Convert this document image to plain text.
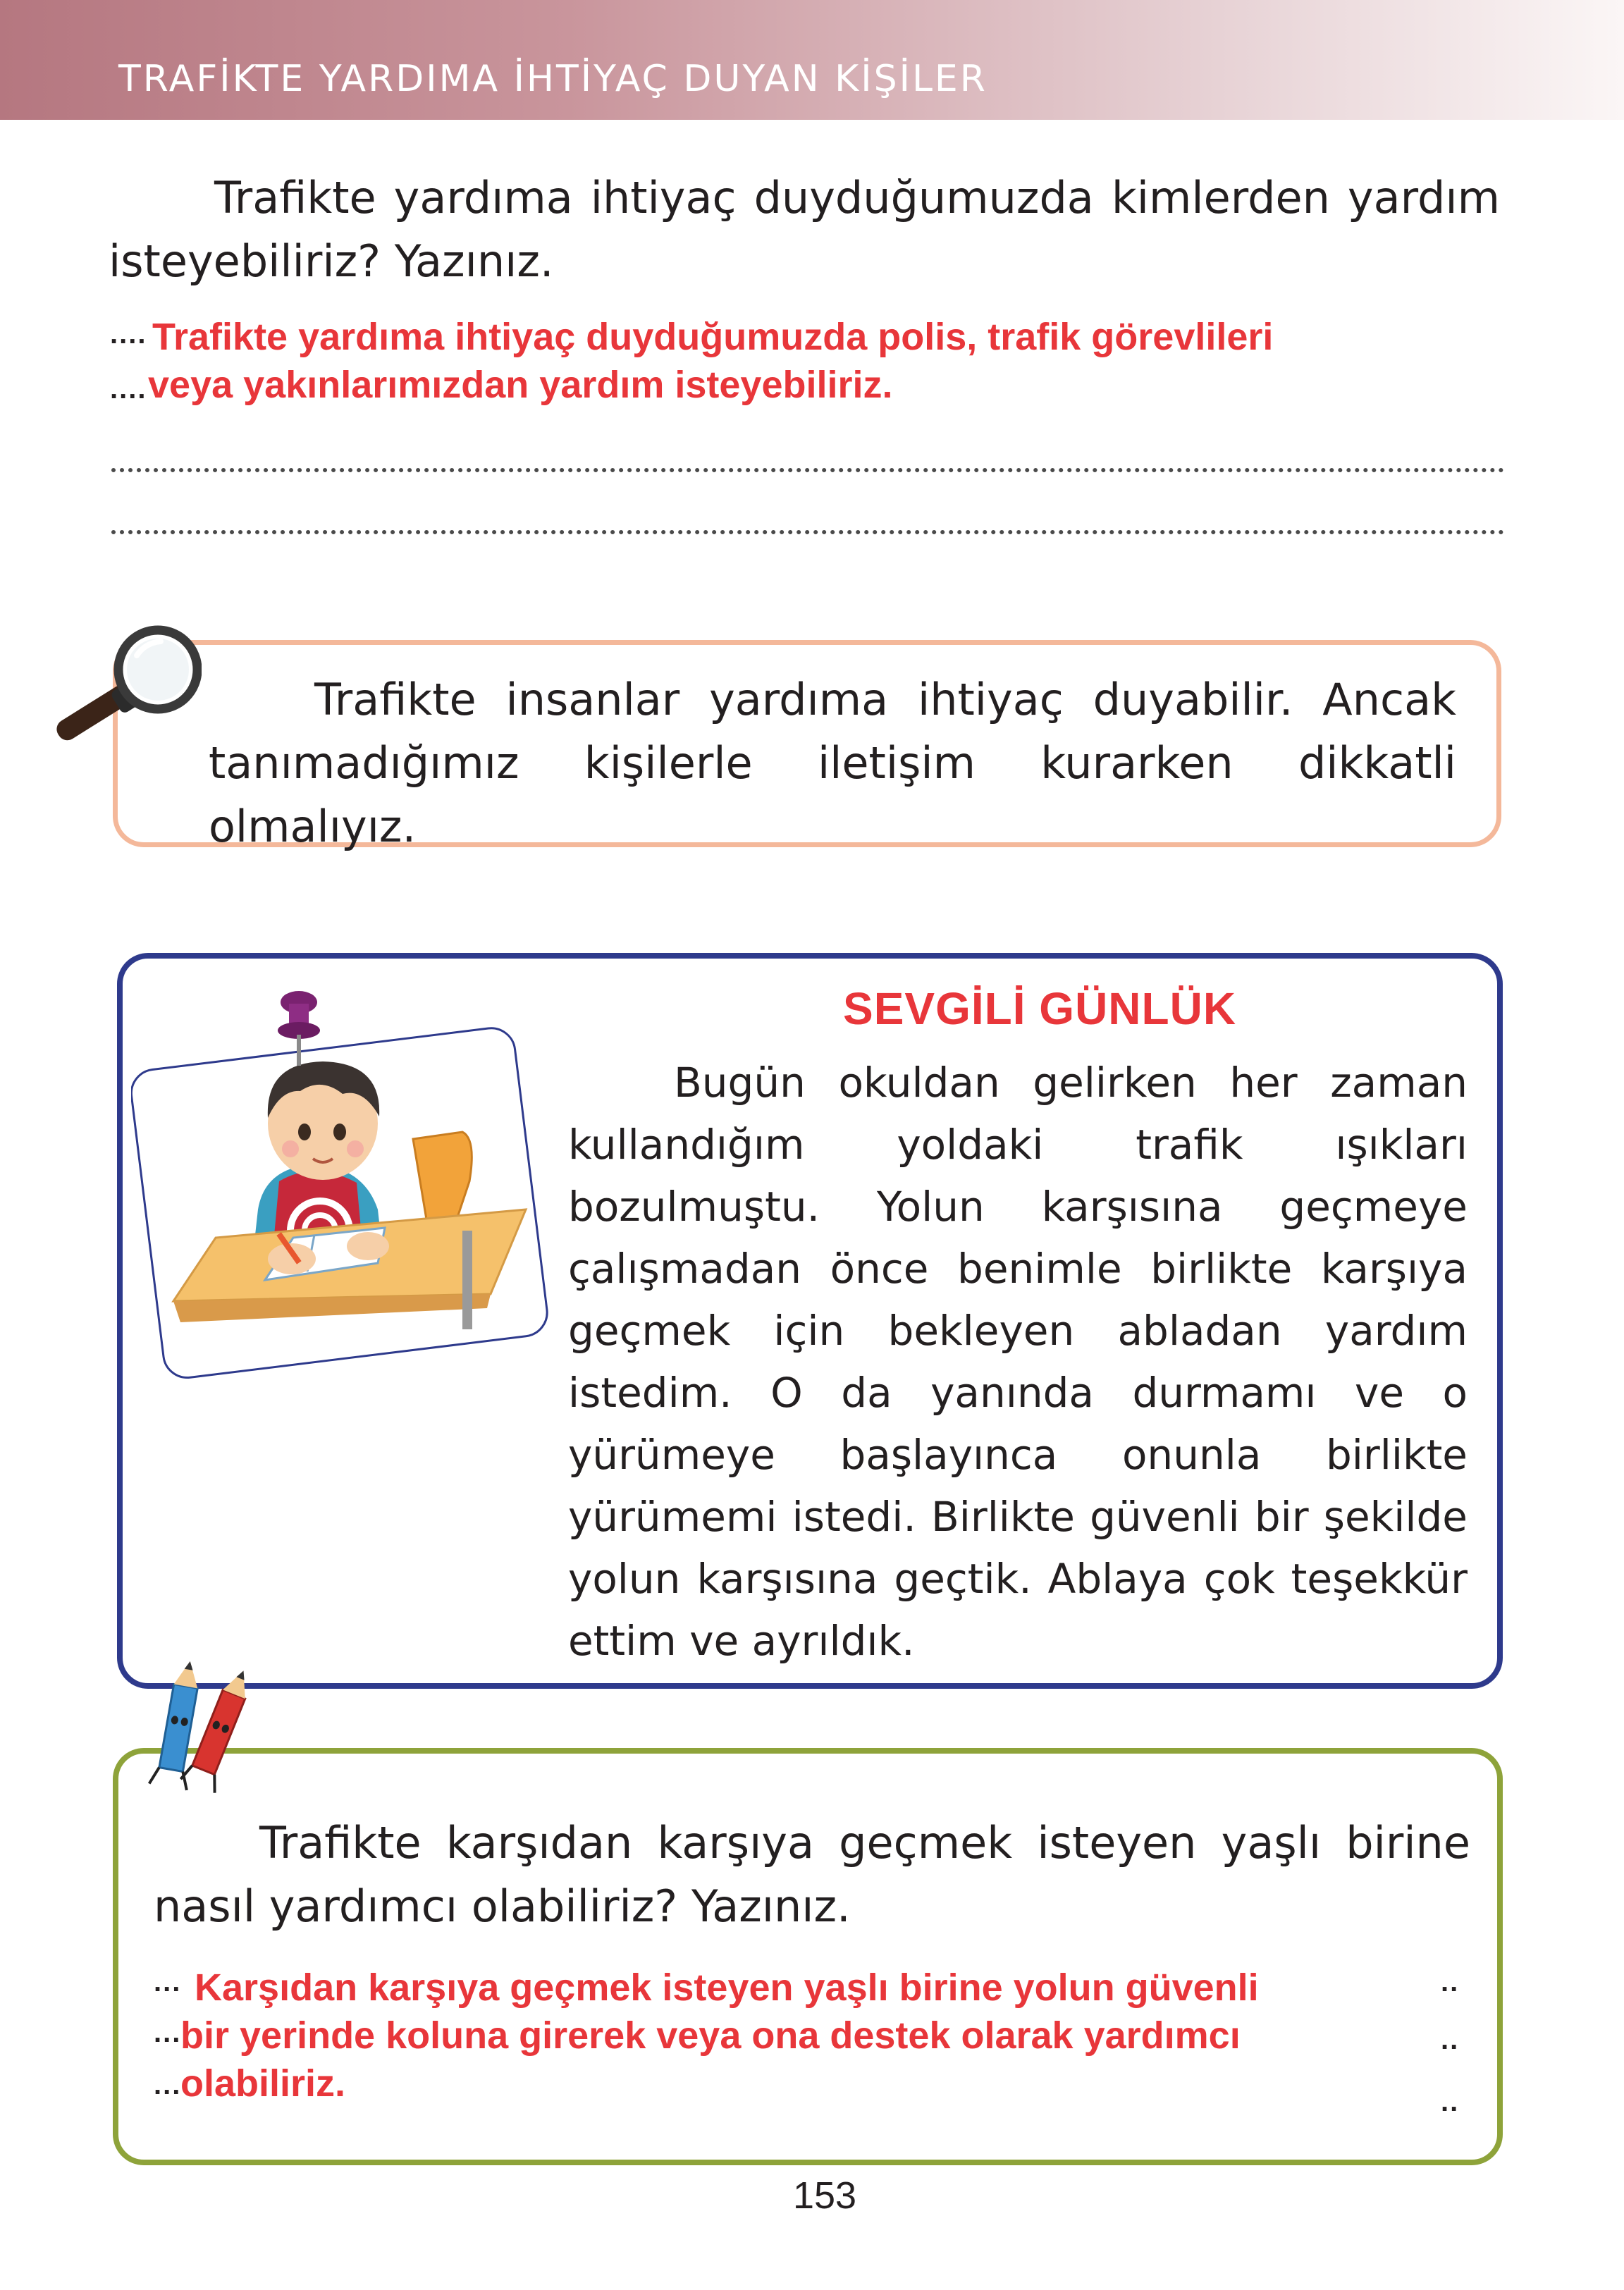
TRAFİKTE YARDIMA İHTİYAÇ DUYAN KİŞİLER
Trafikte yardıma ihtiyaç duyduğumuzda kimlerden yardım isteyebiliriz? Yazınız.
....
....
Trafikte yardıma ihtiyaç duyduğumuzda polis, trafik görevlileri
veya yakınlarımızdan yardım isteyebiliriz.
Trafikte insanlar yardıma ihtiyaç duyabilir. Ancak tanımadığımız kişilerle iletişim kurarken dikkatli olmalıyız.
SEVGİLİ GÜNLÜK
Bugün okuldan gelirken her zaman kullandığım yoldaki trafik ışıkları bozulmuştu. Yolun karşısına geçmeye çalışmadan önce benimle birlikte karşıya geçmek için bekleyen abladan yardım istedim. O da yanında durmamı ve o yürümeye başlayınca onunla birlikte yürümemi istedi. Birlikte güvenli bir şekilde yolun karşısına geçtik. Ablaya çok teşekkür ettim ve ayrıldık.
Trafikte karşıdan karşıya geçmek isteyen yaşlı birine nasıl yardımcı olabiliriz? Yazınız.
...
...
...
..
..
..
Karşıdan karşıya geçmek isteyen yaşlı birine yolun güvenli
bir yerinde koluna girerek veya ona destek olarak yardımcı
olabiliriz.
153
